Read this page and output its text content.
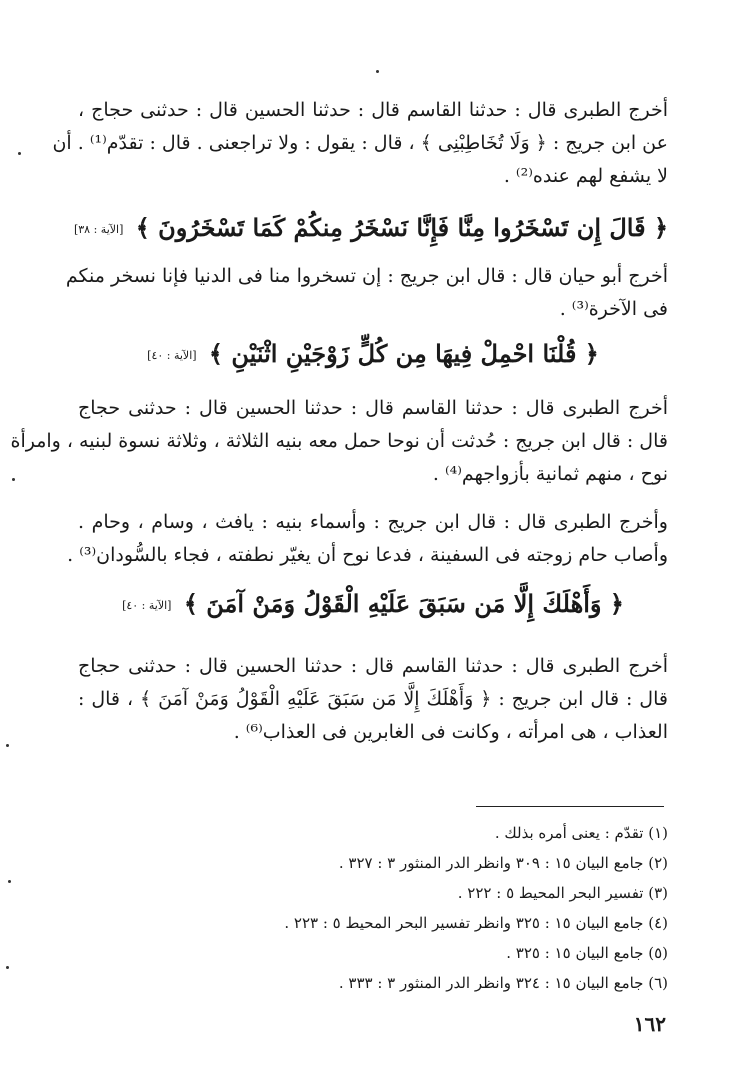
أخرج الطبرى قال : حدثنا القاسم قال : حدثنا الحسين قال : حدثنى حجاج ،
عن ابن جريج : ﴿ وَلَا تُخَاطِبْنِى ﴾ ، قال : يقول : ولا تراجعنى . قال : تقدّم⁽¹⁾ . أن
لا يشفع لهم عنده⁽²⁾ .
﴿ قَالَ إِن تَسْخَرُوا مِنَّا فَإِنَّا نَسْخَرُ مِنكُمْ كَمَا تَسْخَرُونَ ﴾ [الآية : ٣٨]
أخرج أبو حيان قال : قال ابن جريج : إن تسخروا منا فى الدنيا فإنا نسخر منكم
فى الآخرة⁽³⁾ .
﴿ قُلْنَا احْمِلْ فِيهَا مِن كُلٍّ زَوْجَيْنِ اثْنَيْنِ ﴾ [الآية : ٤٠]
أخرج الطبرى قال : حدثنا القاسم قال : حدثنا الحسين قال : حدثنى حجاج
قال : قال ابن جريج : حُدثت أن نوحا حمل معه بنيه الثلاثة ، وثلاثة نسوة لبنيه ، وامرأة
نوح ، منهم ثمانية بأزواجهم⁽⁴⁾ .
وأخرج الطبرى قال : قال ابن جريج : وأسماء بنيه : يافث ، وسام ، وحام .
وأصاب حام زوجته فى السفينة ، فدعا نوح أن يغيّر نطفته ، فجاء بالسُّودان⁽³⁾ .
﴿ وَأَهْلَكَ إِلَّا مَن سَبَقَ عَلَيْهِ الْقَوْلُ وَمَنْ آمَنَ ﴾ [الآية : ٤٠]
أخرج الطبرى قال : حدثنا القاسم قال : حدثنا الحسين قال : حدثنى حجاج
قال : قال ابن جريج : ﴿ وَأَهْلَكَ إِلَّا مَن سَبَقَ عَلَيْهِ الْقَوْلُ وَمَنْ آمَنَ ﴾ ، قال :
العذاب ، هى امرأته ، وكانت فى الغابرين فى العذاب⁽⁶⁾ .
(١) تقدّم : يعنى أمره بذلك .
(٢) جامع البيان ١٥ : ٣٠٩ وانظر الدر المنثور ٣ : ٣٢٧ .
(٣) تفسير البحر المحيط ٥ : ٢٢٢ .
(٤) جامع البيان ١٥ : ٣٢٥ وانظر تفسير البحر المحيط ٥ : ٢٢٣ .
(٥) جامع البيان ١٥ : ٣٢٥ .
(٦) جامع البيان ١٥ : ٣٢٤ وانظر الدر المنثور ٣ : ٣٣٣ .
١٦٢
